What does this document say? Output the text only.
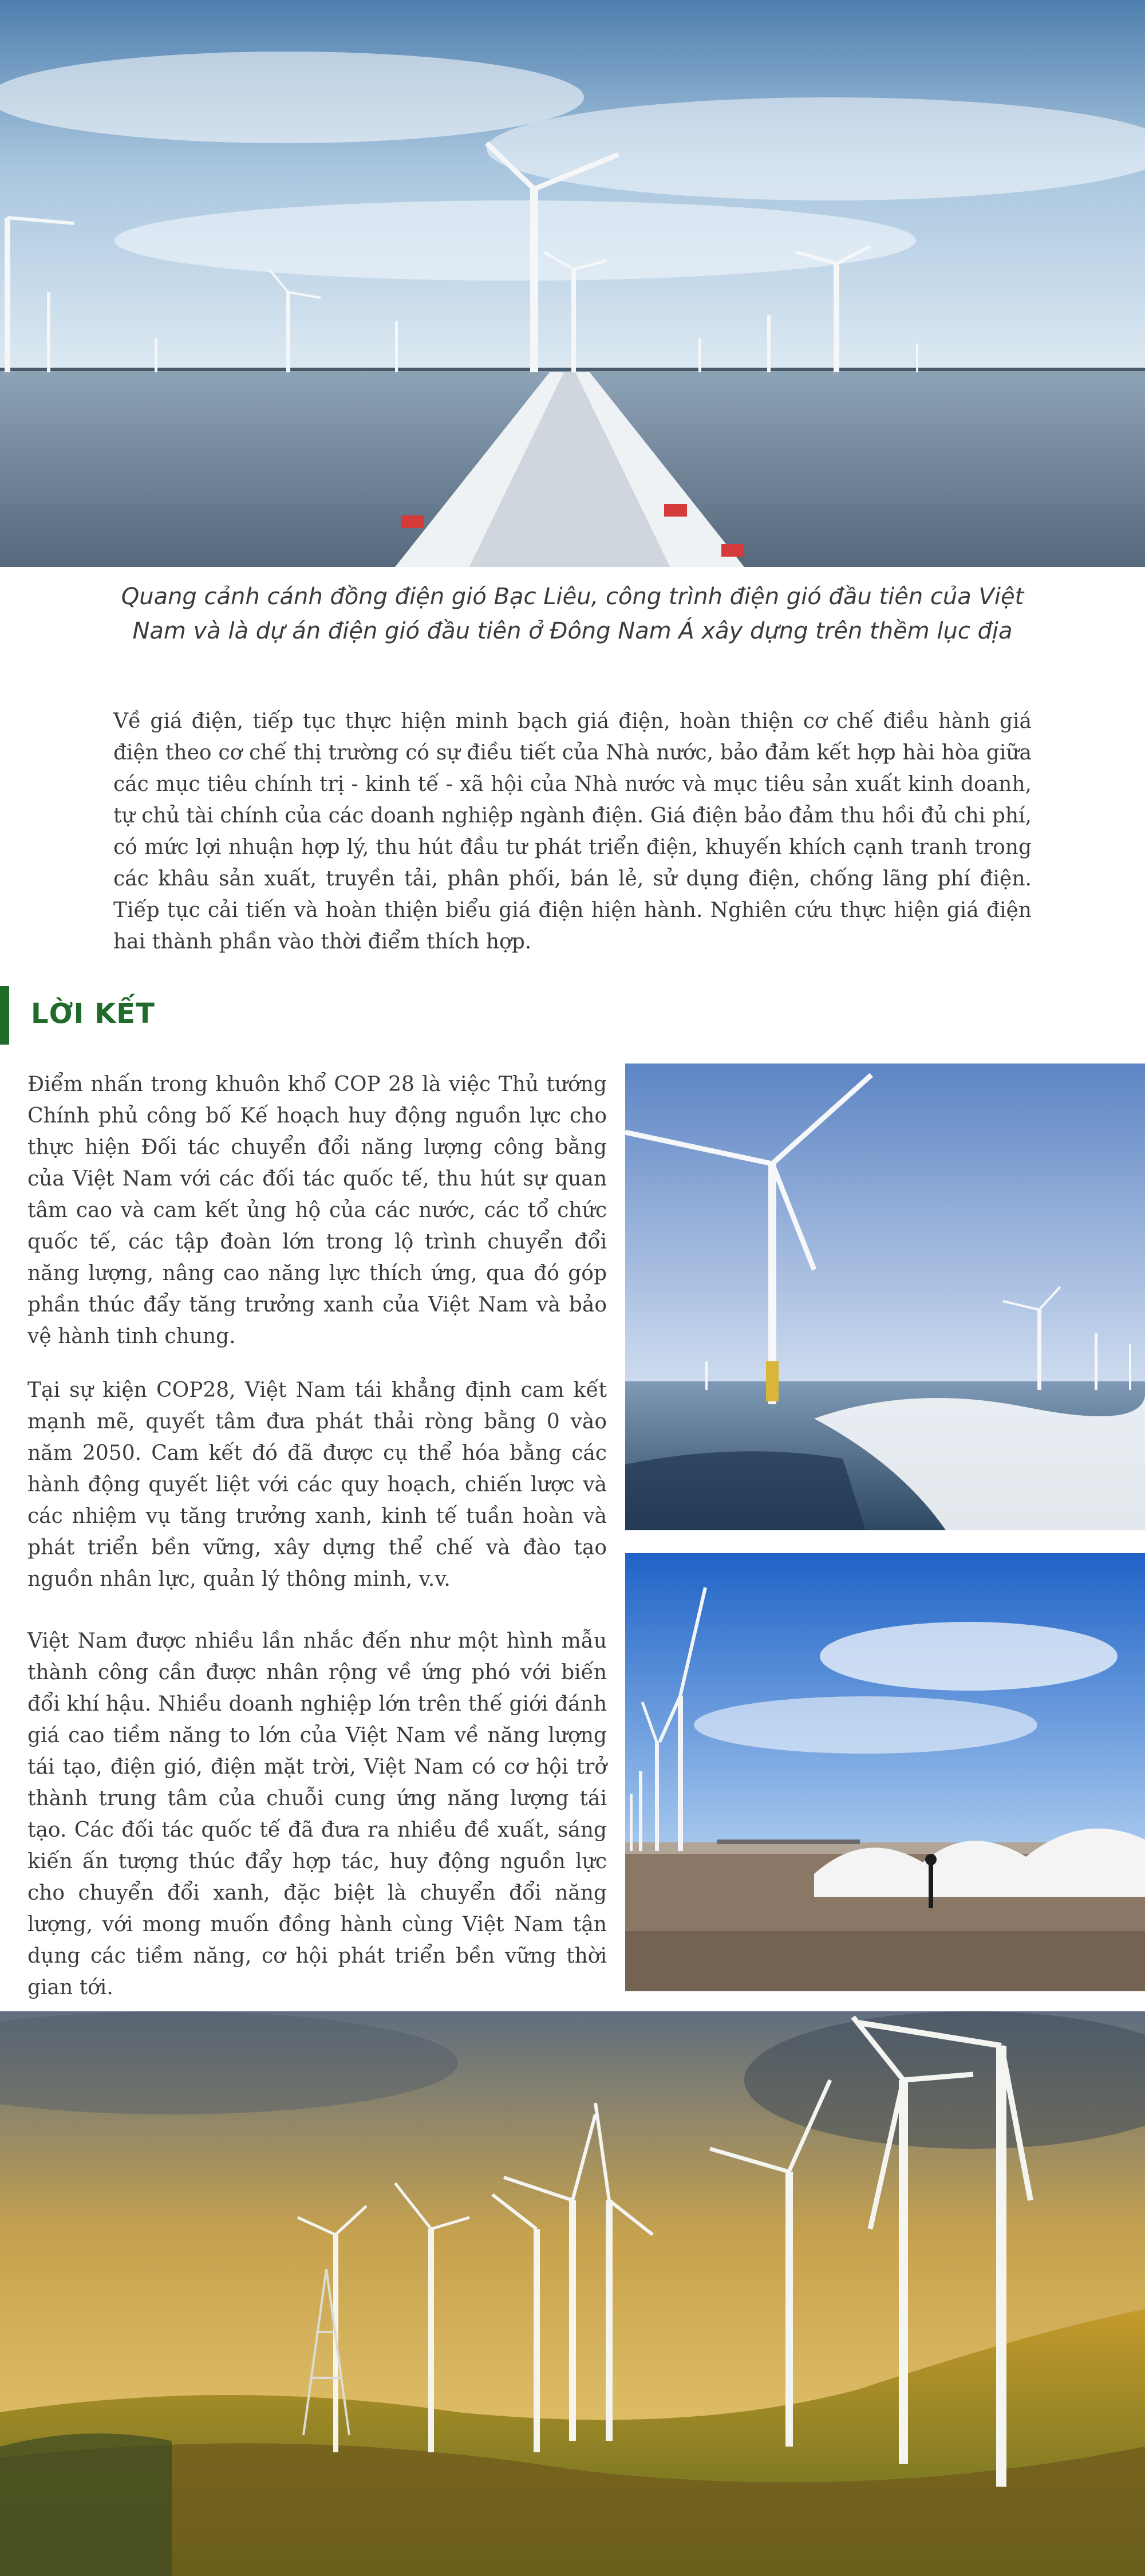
Quang cảnh cánh đồng điện gió Bạc Liêu, công trình điện gió đầu tiên của Việt Nam và là dự án điện gió đầu tiên ở Đông Nam Á xây dựng trên thềm lục địa

Về giá điện, tiếp tục thực hiện minh bạch giá điện, hoàn thiện cơ chế điều hành giá điện theo cơ chế thị trường có sự điều tiết của Nhà nước, bảo đảm kết hợp hài hòa giữa các mục tiêu chính trị - kinh tế - xã hội của Nhà nước và mục tiêu sản xuất kinh doanh, tự chủ tài chính của các doanh nghiệp ngành điện. Giá điện bảo đảm thu hồi đủ chi phí, có mức lợi nhuận hợp lý, thu hút đầu tư phát triển điện, khuyến khích cạnh tranh trong các khâu sản xuất, truyền tải, phân phối, bán lẻ, sử dụng điện, chống lãng phí điện. Tiếp tục cải tiến và hoàn thiện biểu giá điện hiện hành. Nghiên cứu thực hiện giá điện hai thành phần vào thời điểm thích hợp.

LỜI KẾT

Điểm nhấn trong khuôn khổ COP 28 là việc Thủ tướng Chính phủ công bố Kế hoạch huy động nguồn lực cho thực hiện Đối tác chuyển đổi năng lượng công bằng của Việt Nam với các đối tác quốc tế, thu hút sự quan tâm cao và cam kết ủng hộ của các nước, các tổ chức quốc tế, các tập đoàn lớn trong lộ trình chuyển đổi năng lượng, nâng cao năng lực thích ứng, qua đó góp phần thúc đẩy tăng trưởng xanh của Việt Nam và bảo vệ hành tinh chung.

Tại sự kiện COP28, Việt Nam tái khẳng định cam kết mạnh mẽ, quyết tâm đưa phát thải ròng bằng 0 vào năm 2050. Cam kết đó đã được cụ thể hóa bằng các hành động quyết liệt với các quy hoạch, chiến lược và các nhiệm vụ tăng trưởng xanh, kinh tế tuần hoàn và phát triển bền vững, xây dựng thể chế và đào tạo nguồn nhân lực, quản lý thông minh, v.v.

Việt Nam được nhiều lần nhắc đến như một hình mẫu thành công cần được nhân rộng về ứng phó với biến đổi khí hậu. Nhiều doanh nghiệp lớn trên thế giới đánh giá cao tiềm năng to lớn của Việt Nam về năng lượng tái tạo, điện gió, điện mặt trời, Việt Nam có cơ hội trở thành trung tâm của chuỗi cung ứng năng lượng tái tạo. Các đối tác quốc tế đã đưa ra nhiều đề xuất, sáng kiến ấn tượng thúc đẩy hợp tác, huy động nguồn lực cho chuyển đổi xanh, đặc biệt là chuyển đổi năng lượng, với mong muốn đồng hành cùng Việt Nam tận dụng các tiềm năng, cơ hội phát triển bền vững thời gian tới.
